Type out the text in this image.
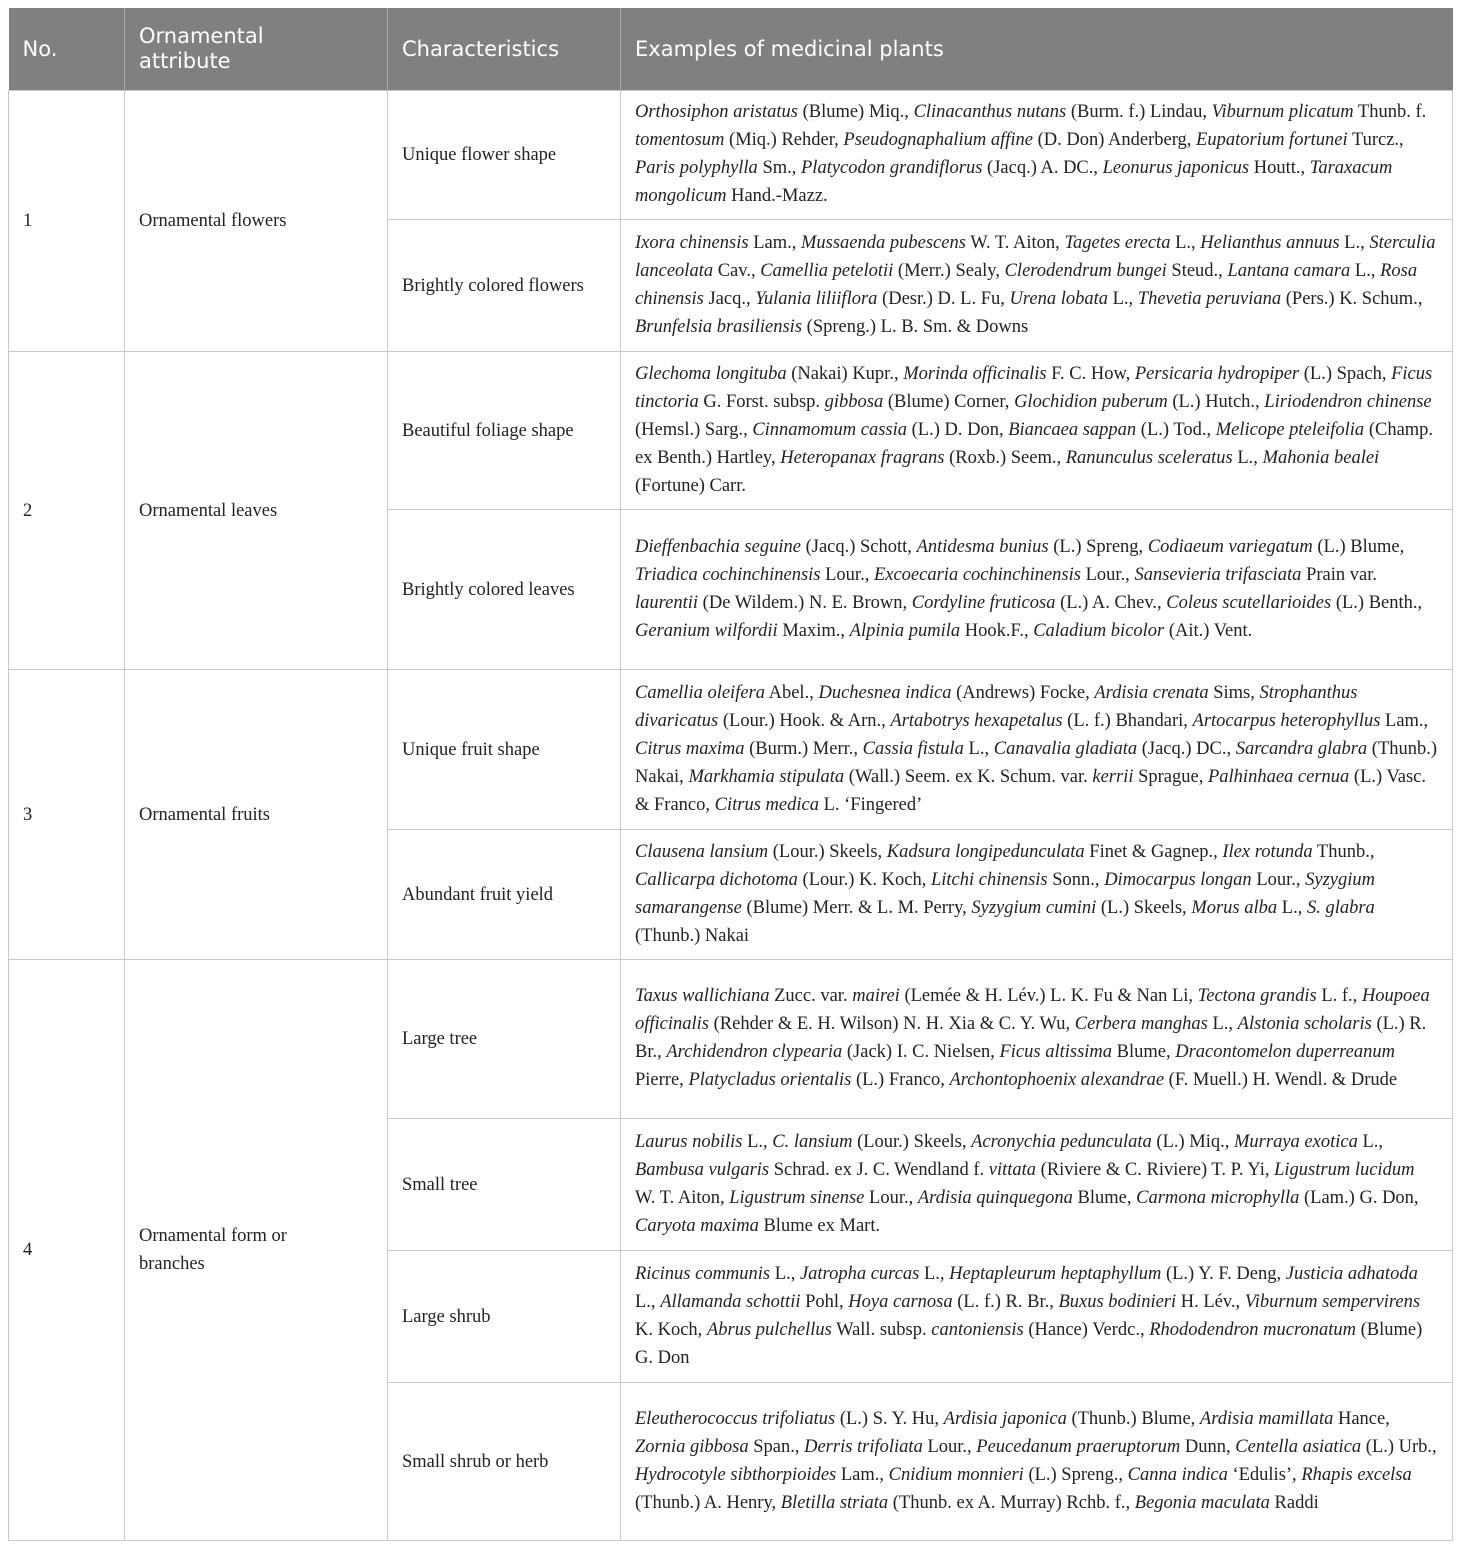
No.	Ornamental attribute	Characteristics	Examples of medicinal plants
1	Ornamental flowers	Unique flower shape	Orthosiphon aristatus (Blume) Miq., Clinacanthus nutans (Burm. f.) Lindau, Viburnum plicatum Thunb. f. tomentosum (Miq.) Rehder, Pseudognaphalium affine (D. Don) Anderberg, Eupatorium fortunei Turcz., Paris polyphylla Sm., Platycodon grandiflorus (Jacq.) A. DC., Leonurus japonicus Houtt., Taraxacum mongolicum Hand.-Mazz.
		Brightly colored flowers	Ixora chinensis Lam., Mussaenda pubescens W. T. Aiton, Tagetes erecta L., Helianthus annuus L., Sterculia lanceolata Cav., Camellia petelotii (Merr.) Sealy, Clerodendrum bungei Steud., Lantana camara L., Rosa chinensis Jacq., Yulania liliiflora (Desr.) D. L. Fu, Urena lobata L., Thevetia peruviana (Pers.) K. Schum., Brunfelsia brasiliensis (Spreng.) L. B. Sm. & Downs
2	Ornamental leaves	Beautiful foliage shape	Glechoma longituba (Nakai) Kupr., Morinda officinalis F. C. How, Persicaria hydropiper (L.) Spach, Ficus tinctoria G. Forst. subsp. gibbosa (Blume) Corner, Glochidion puberum (L.) Hutch., Liriodendron chinense (Hemsl.) Sarg., Cinnamomum cassia (L.) D. Don, Biancaea sappan (L.) Tod., Melicope pteleifolia (Champ. ex Benth.) Hartley, Heteropanax fragrans (Roxb.) Seem., Ranunculus sceleratus L., Mahonia bealei (Fortune) Carr.
		Brightly colored leaves	Dieffenbachia seguine (Jacq.) Schott, Antidesma bunius (L.) Spreng, Codiaeum variegatum (L.) Blume, Triadica cochinchinensis Lour., Excoecaria cochinchinensis Lour., Sansevieria trifasciata Prain var. laurentii (De Wildem.) N. E. Brown, Cordyline fruticosa (L.) A. Chev., Coleus scutellarioides (L.) Benth., Geranium wilfordii Maxim., Alpinia pumila Hook.F., Caladium bicolor (Ait.) Vent.
3	Ornamental fruits	Unique fruit shape	Camellia oleifera Abel., Duchesnea indica (Andrews) Focke, Ardisia crenata Sims, Strophanthus divaricatus (Lour.) Hook. & Arn., Artabotrys hexapetalus (L. f.) Bhandari, Artocarpus heterophyllus Lam., Citrus maxima (Burm.) Merr., Cassia fistula L., Canavalia gladiata (Jacq.) DC., Sarcandra glabra (Thunb.) Nakai, Markhamia stipulata (Wall.) Seem. ex K. Schum. var. kerrii Sprague, Palhinhaea cernua (L.) Vasc. & Franco, Citrus medica L. ‘Fingered’
		Abundant fruit yield	Clausena lansium (Lour.) Skeels, Kadsura longipedunculata Finet & Gagnep., Ilex rotunda Thunb., Callicarpa dichotoma (Lour.) K. Koch, Litchi chinensis Sonn., Dimocarpus longan Lour., Syzygium samarangense (Blume) Merr. & L. M. Perry, Syzygium cumini (L.) Skeels, Morus alba L., S. glabra (Thunb.) Nakai
4	Ornamental form or branches	Large tree	Taxus wallichiana Zucc. var. mairei (Lemée & H. Lév.) L. K. Fu & Nan Li, Tectona grandis L. f., Houpoea officinalis (Rehder & E. H. Wilson) N. H. Xia & C. Y. Wu, Cerbera manghas L., Alstonia scholaris (L.) R. Br., Archidendron clypearia (Jack) I. C. Nielsen, Ficus altissima Blume, Dracontomelon duperreanum Pierre, Platycladus orientalis (L.) Franco, Archontophoenix alexandrae (F. Muell.) H. Wendl. & Drude
		Small tree	Laurus nobilis L., C. lansium (Lour.) Skeels, Acronychia pedunculata (L.) Miq., Murraya exotica L., Bambusa vulgaris Schrad. ex J. C. Wendland f. vittata (Riviere & C. Riviere) T. P. Yi, Ligustrum lucidum W. T. Aiton, Ligustrum sinense Lour., Ardisia quinquegona Blume, Carmona microphylla (Lam.) G. Don, Caryota maxima Blume ex Mart.
		Large shrub	Ricinus communis L., Jatropha curcas L., Heptapleurum heptaphyllum (L.) Y. F. Deng, Justicia adhatoda L., Allamanda schottii Pohl, Hoya carnosa (L. f.) R. Br., Buxus bodinieri H. Lév., Viburnum sempervirens K. Koch, Abrus pulchellus Wall. subsp. cantoniensis (Hance) Verdc., Rhododendron mucronatum (Blume) G. Don
		Small shrub or herb	Eleutherococcus trifoliatus (L.) S. Y. Hu, Ardisia japonica (Thunb.) Blume, Ardisia mamillata Hance, Zornia gibbosa Span., Derris trifoliata Lour., Peucedanum praeruptorum Dunn, Centella asiatica (L.) Urb., Hydrocotyle sibthorpioides Lam., Cnidium monnieri (L.) Spreng., Canna indica ‘Edulis’, Rhapis excelsa (Thunb.) A. Henry, Bletilla striata (Thunb. ex A. Murray) Rchb. f., Begonia maculata Raddi
